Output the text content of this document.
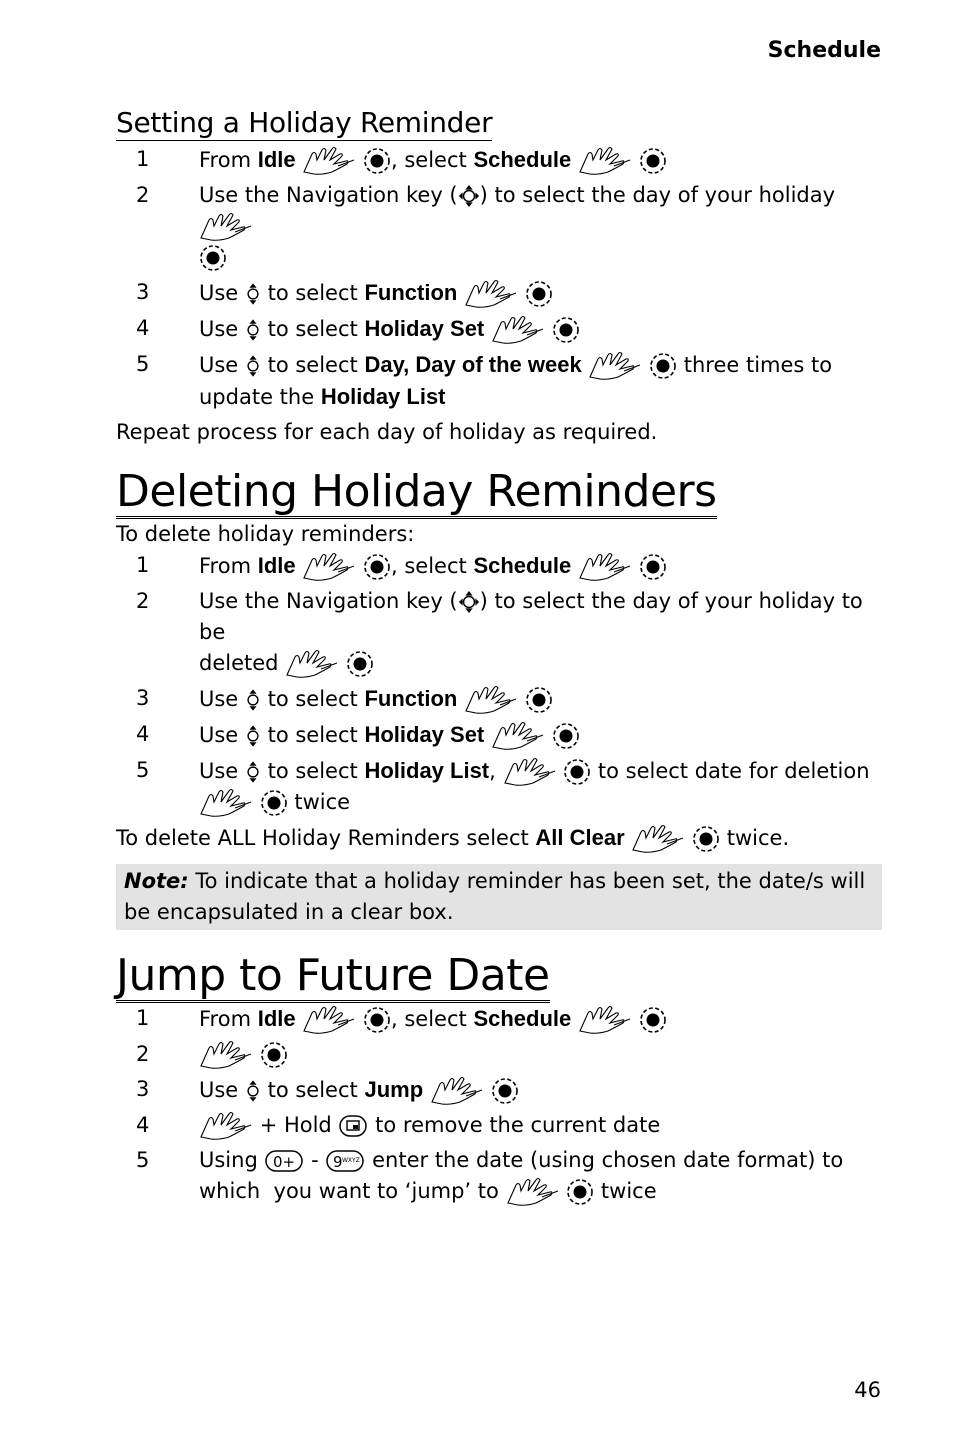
Schedule
Setting a Holiday Reminder
1 From Idle	, select Schedule
2 Use the Navigation key ( ) to select the day of your holiday

3 Use to select Function
4 Use to select Holiday Set
5 Use to select Day, Day of the week	three times to
update the Holiday List
Repeat process for each day of holiday as required.
Deleting Holiday Reminders
To delete holiday reminders:
1 From Idle	, select Schedule
2 Use the Navigation key ( ) to select the day of your holiday to be
deleted
3 Use to select Function
4 Use to select Holiday Set
5 Use to select Holiday List,	to select date for deletion
twice
To delete ALL Holiday Reminders select All Clear	twice.
Note: To indicate that a holiday reminder has been set, the date/s will be encapsulated in a clear box.
Jump to Future Date
1 From Idle	, select Schedule
2

3 Use to select Jump
4	+ Hold to remove the current date
5 Using	-	enter the date (using chosen date format) to
which  you want to ‘jump’ to	twice
46
